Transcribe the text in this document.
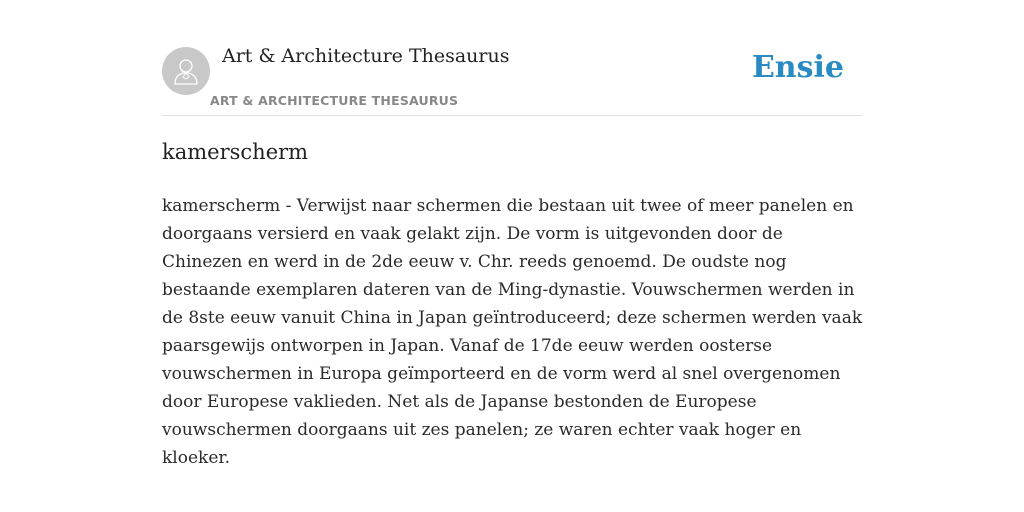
Art & Architecture Thesaurus
ART & ARCHITECTURE THESAURUS
Ensie
kamerscherm

kamerscherm - Verwijst naar schermen die bestaan uit twee of meer panelen en doorgaans versierd en vaak gelakt zijn. De vorm is uitgevonden door de Chinezen en werd in de 2de eeuw v. Chr. reeds genoemd. De oudste nog bestaande exemplaren dateren van de Ming-dynastie. Vouwschermen werden in de 8ste eeuw vanuit China in Japan geïntroduceerd; deze schermen werden vaak paarsgewijs ontworpen in Japan. Vanaf de 17de eeuw werden oosterse vouwschermen in Europa geïmporteerd en de vorm werd al snel overgenomen door Europese vaklieden. Net als de Japanse bestonden de Europese vouwschermen doorgaans uit zes panelen; ze waren echter vaak hoger en kloeker.
